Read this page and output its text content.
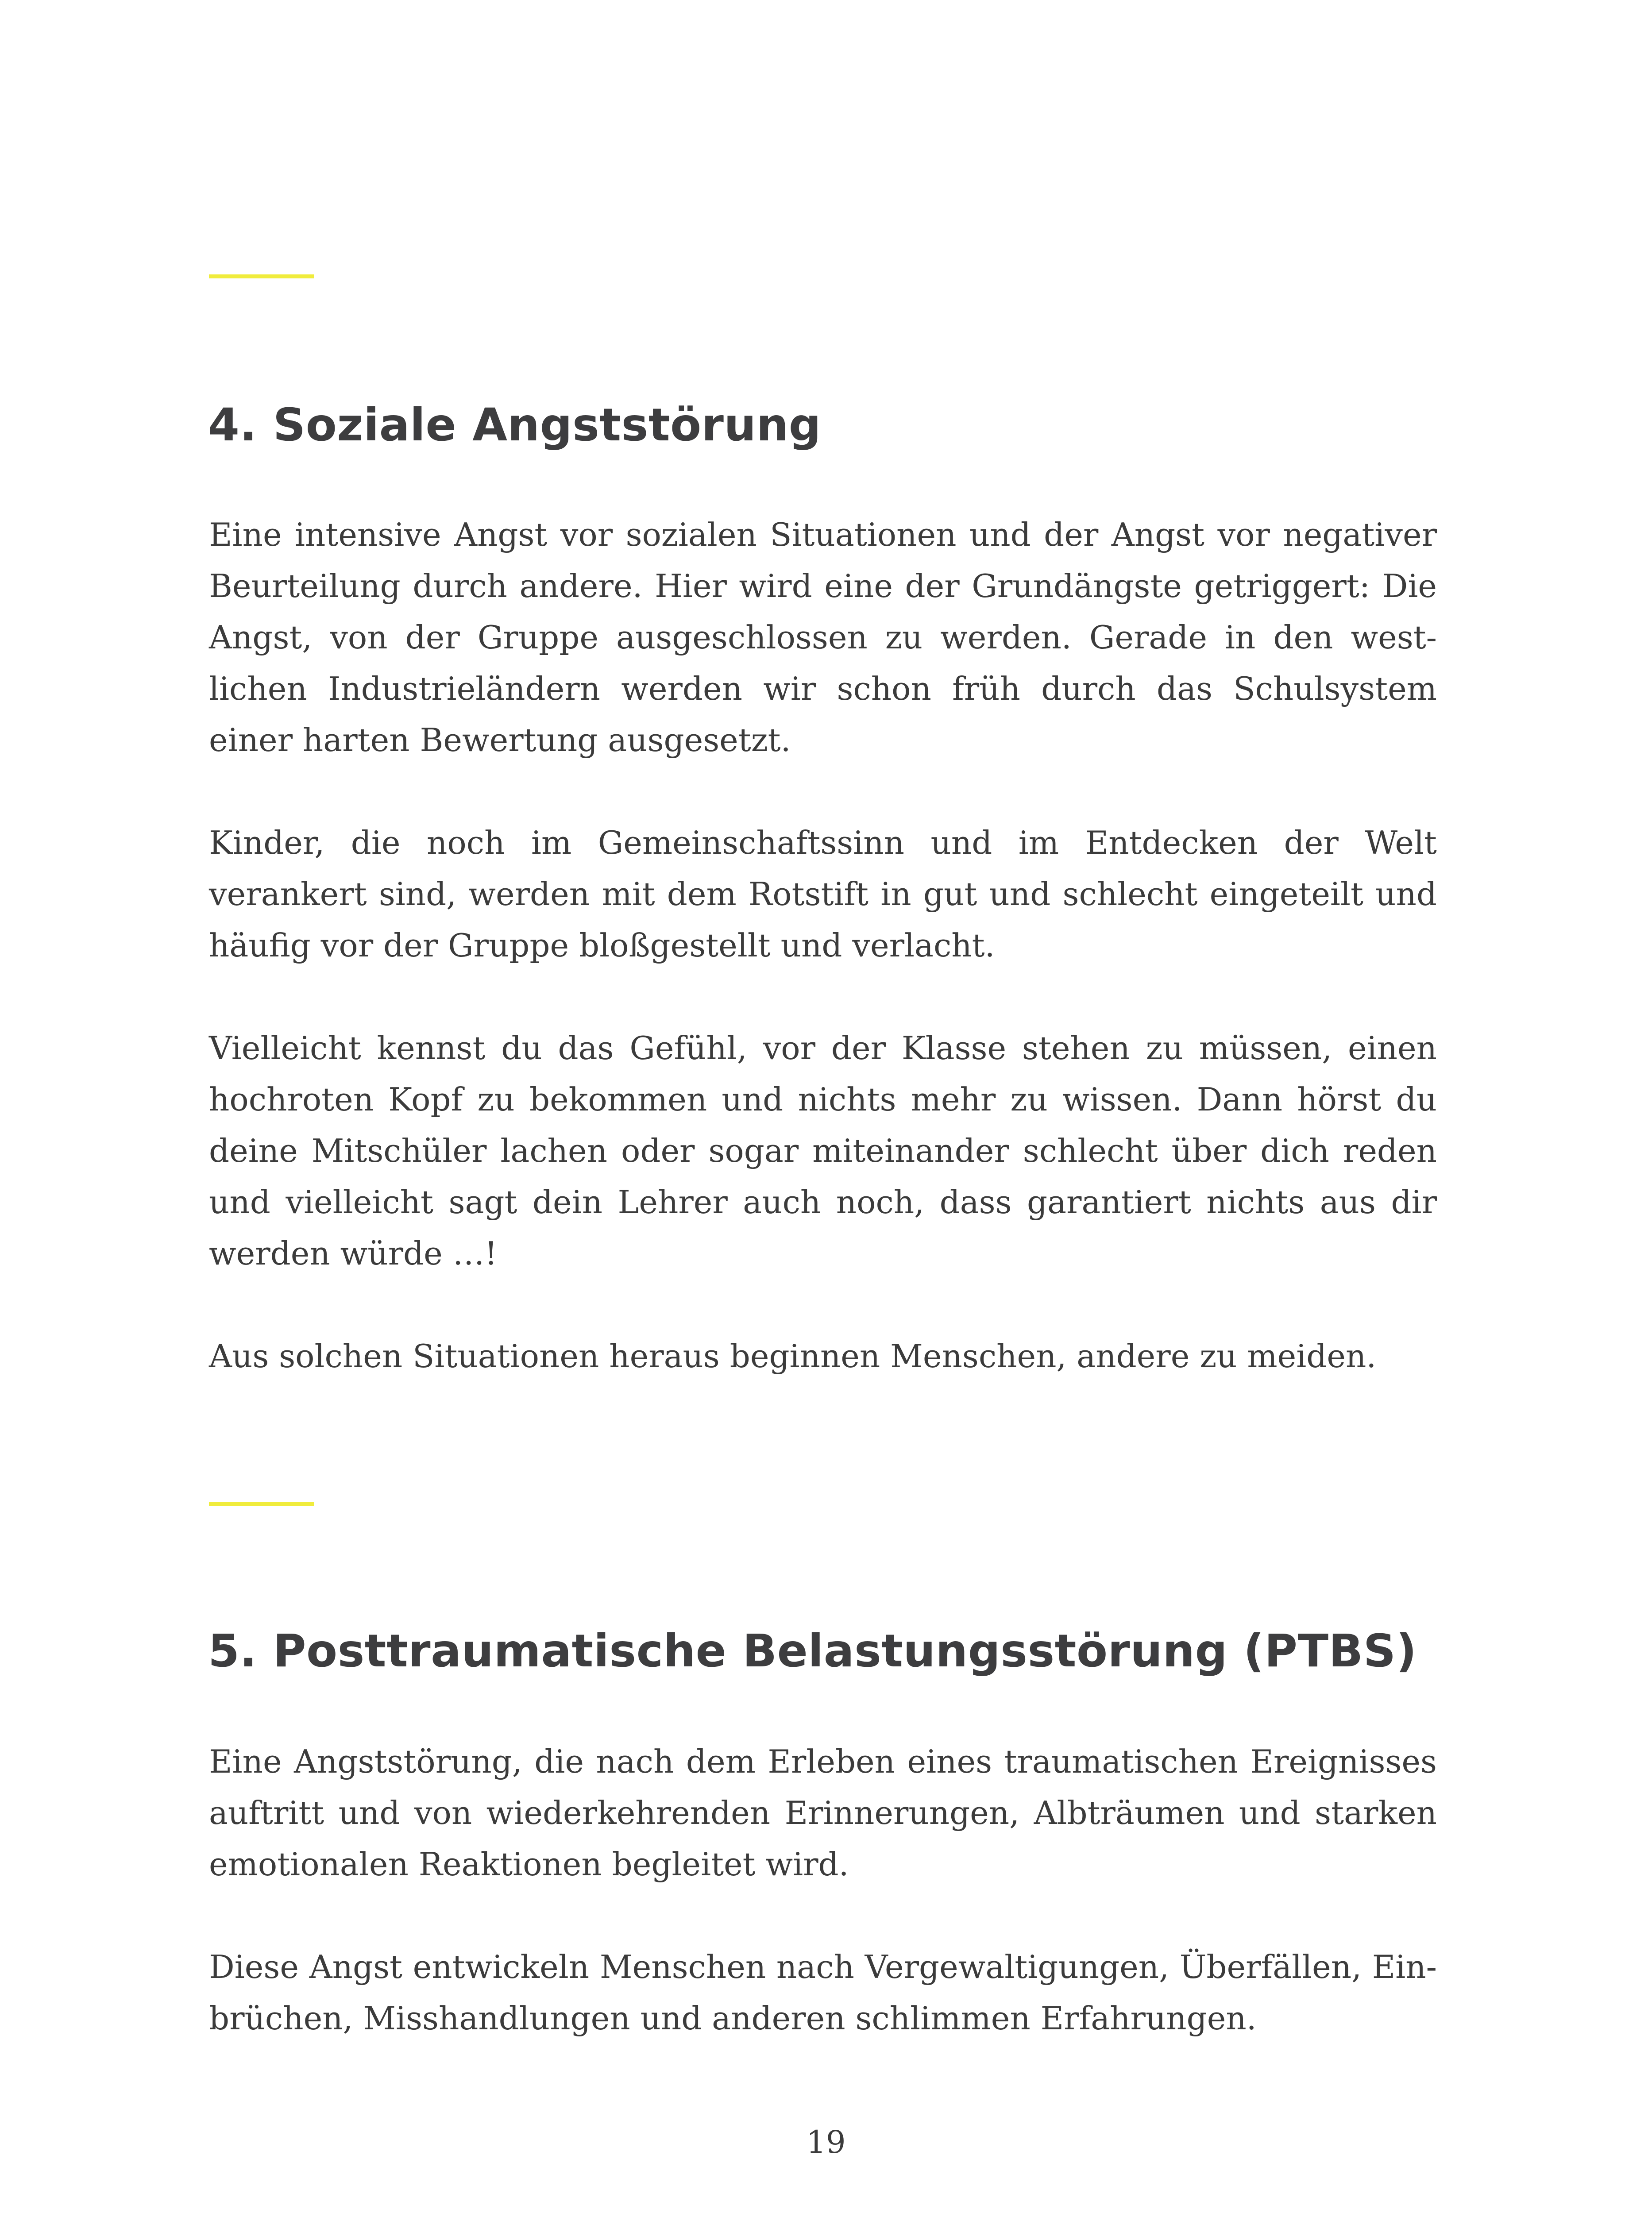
4. Soziale Angststörung

Eine intensive Angst vor sozialen Situationen und der Angst vor negativer Beurteilung durch andere. Hier wird eine der Grundängste getriggert: Die Angst, von der Gruppe ausgeschlossen zu werden. Gerade in den westlichen Industrieländern werden wir schon früh durch das Schulsystem einer harten Bewertung ausgesetzt.

Kinder, die noch im Gemeinschaftssinn und im Entdecken der Welt verankert sind, werden mit dem Rotstift in gut und schlecht eingeteilt und häufig vor der Gruppe bloßgestellt und verlacht.

Vielleicht kennst du das Gefühl, vor der Klasse stehen zu müssen, einen hochroten Kopf zu bekommen und nichts mehr zu wissen. Dann hörst du deine Mitschüler lachen oder sogar miteinander schlecht über dich reden und vielleicht sagt dein Lehrer auch noch, dass garantiert nichts aus dir werden würde …!

Aus solchen Situationen heraus beginnen Menschen, andere zu meiden.

5. Posttraumatische Belastungsstörung (PTBS)

Eine Angststörung, die nach dem Erleben eines traumatischen Ereignisses auftritt und von wiederkehrenden Erinnerungen, Albträumen und starken emotionalen Reaktionen begleitet wird.

Diese Angst entwickeln Menschen nach Vergewaltigungen, Überfällen, Einbrüchen, Misshandlungen und anderen schlimmen Erfahrungen.

19
